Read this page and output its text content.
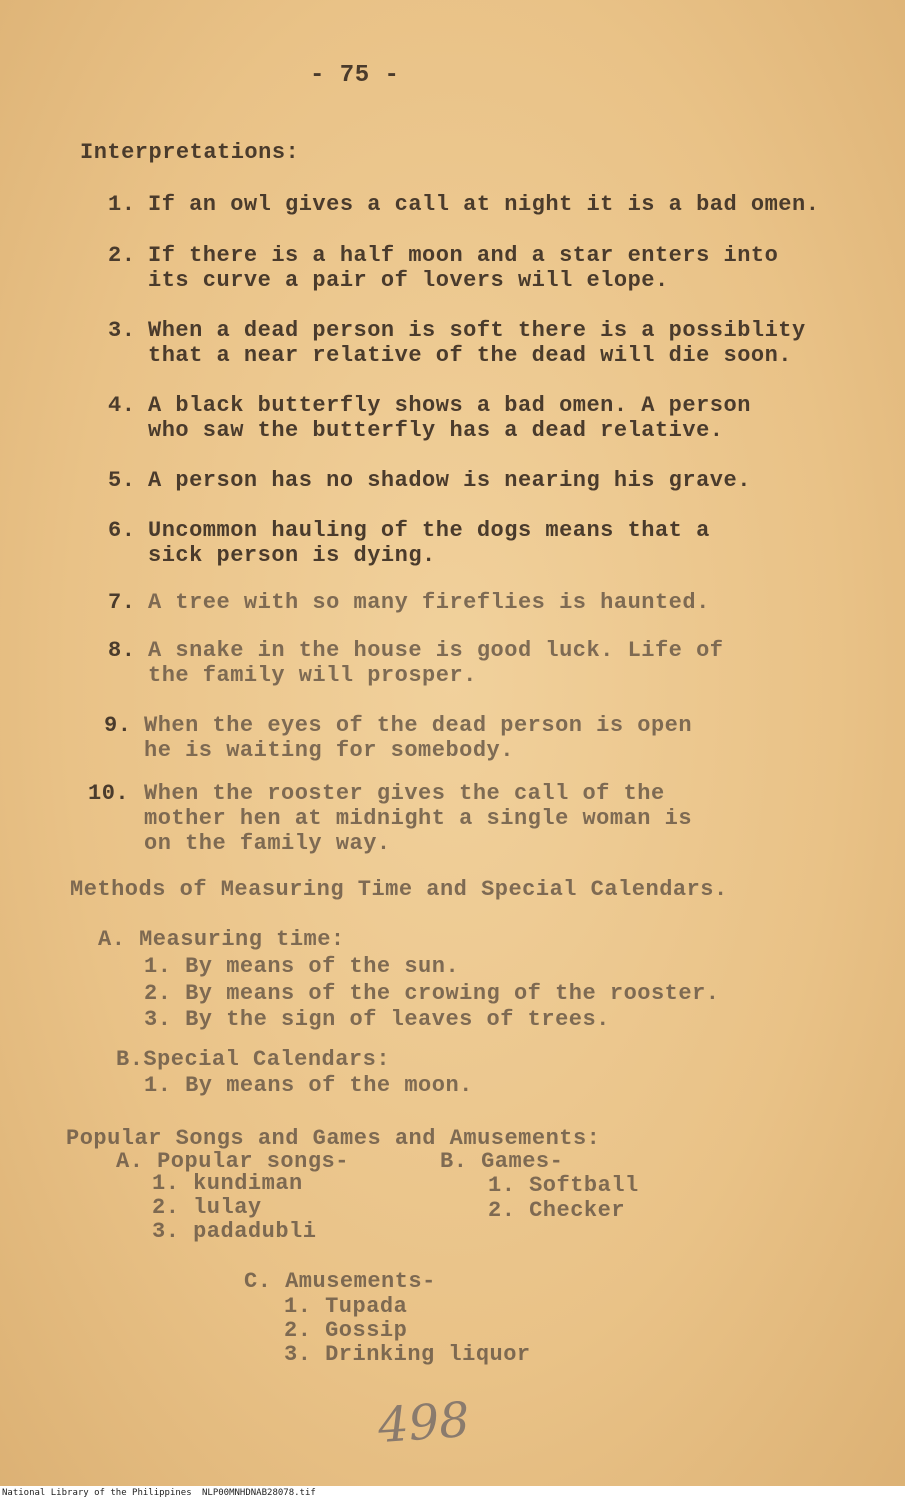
- 75 -
Interpretations:
1. If an owl gives a call at night it is a bad omen.
2. If there is a half moon and a star enters into
its curve a pair of lovers will elope.
3. When a dead person is soft there is a possiblity
that a near relative of the dead will die soon.
4. A black butterfly shows a bad omen. A person
who saw the butterfly has a dead relative.
5. A person has no shadow is nearing his grave.
6. Uncommon hauling of the dogs means that a
sick person is dying.
7. A tree with so many fireflies is haunted.
8. A snake in the house is good luck. Life of
the family will prosper.
9. When the eyes of the dead person is open
he is waiting for somebody.
10. When the rooster gives the call of the
mother hen at midnight a single woman is
on the family way.
Methods of Measuring Time and Special Calendars.
A. Measuring time:
1. By means of the sun.
2. By means of the crowing of the rooster.
3. By the sign of leaves of trees.
B.Special Calendars:
1. By means of the moon.
Popular Songs and Games and Amusements:
A. Popular songs-
1. kundiman
2. lulay
3. padadubli
B. Games-
1. Softball
2. Checker
C. Amusements-
1. Tupada
2. Gossip
3. Drinking liquor
498
National Library of the Philippines NLP00MNHDNAB28078.tif
